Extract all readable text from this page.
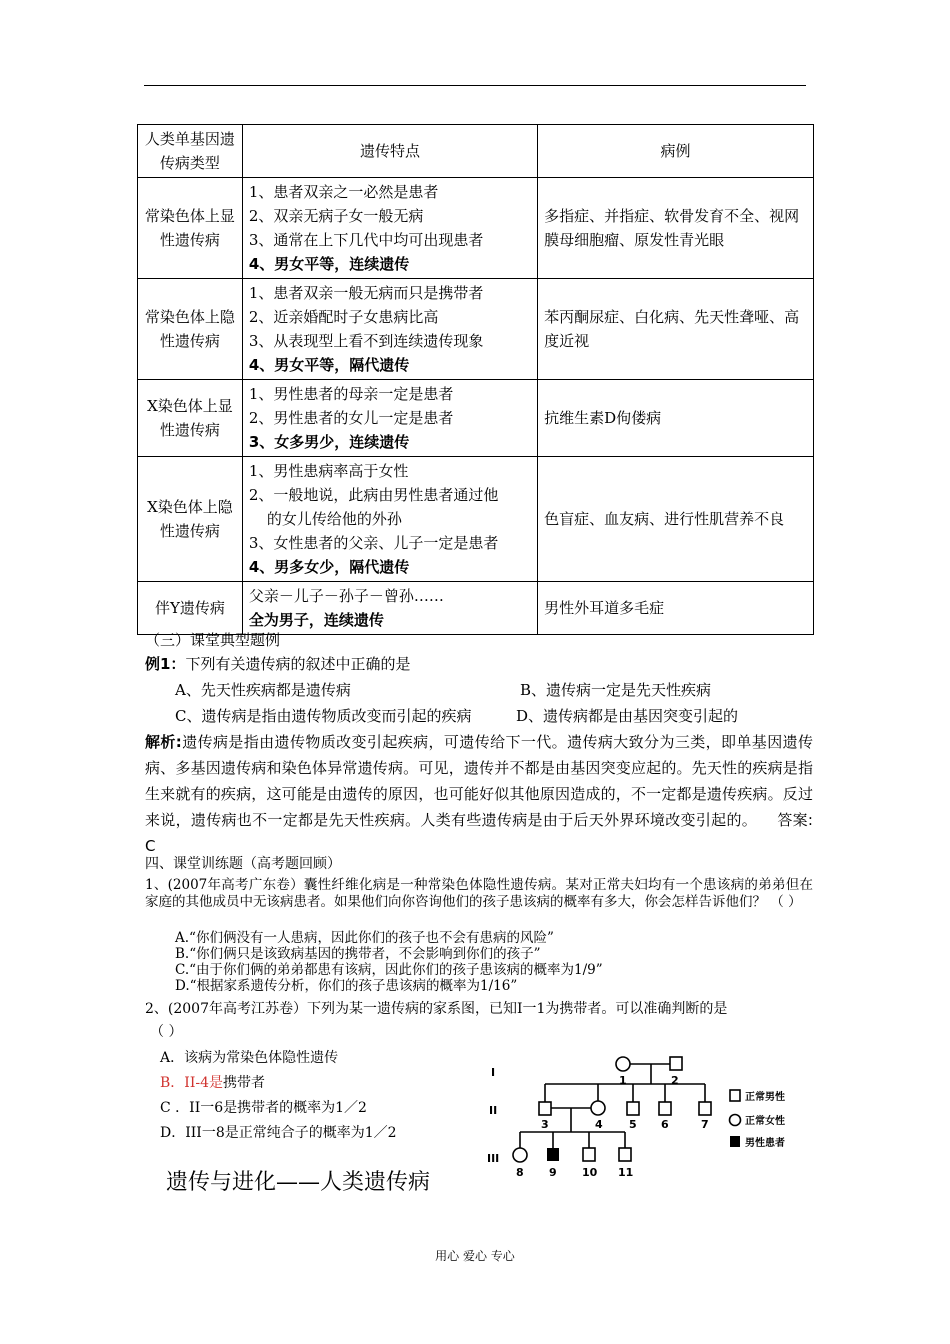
人类单基因遗传病类型	遗传特点	病例
常染色体上显性遗传病	1、患者双亲之一必然是患者
2、双亲无病子女一般无病
3、通常在上下几代中均可出现患者
4、男女平等，连续遗传	多指症、并指症、软骨发育不全、视网膜母细胞瘤、原发性青光眼
常染色体上隐性遗传病	1、患者双亲一般无病而只是携带者
2、近亲婚配时子女患病比高
3、从表现型上看不到连续遗传现象
4、男女平等，隔代遗传	苯丙酮尿症、白化病、先天性聋哑、高度近视
X染色体上显性遗传病	1、男性患者的母亲一定是患者
2、男性患者的女儿一定是患者
3、女多男少，连续遗传	抗维生素D佝偻病
X染色体上隐性遗传病	1、男性患病率高于女性
2、一般地说，此病由男性患者通过他
的女儿传给他的外孙
3、女性患者的父亲、儿子一定是患者
4、男多女少，隔代遗传	色盲症、血友病、进行性肌营养不良
伴Y遗传病	父亲－儿子－孙子－曾孙……
全为男子，连续遗传	男性外耳道多毛症
（三）课堂典型题例
例1：下列有关遗传病的叙述中正确的是
A、先天性疾病都是遗传病	B、遗传病一定是先天性疾病
C、遗传病是指由遗传物质改变而引起的疾病	D、遗传病都是由基因突变引起的
解析:遗传病是指由遗传物质改变引起疾病，可遗传给下一代。遗传病大致分为三类，即单基因遗传病、多基因遗传病和染色体异常遗传病。可见，遗传并不都是由基因突变应起的。先天性的疾病是指生来就有的疾病，这可能是由遗传的原因，也可能好似其他原因造成的，不一定都是遗传疾病。反过来说，遗传病也不一定都是先天性疾病。人类有些遗传病是由于后天外界环境改变引起的。 答案: C
四、课堂训练题（高考题回顾）
1、(2007年高考广东卷）囊性纤维化病是一种常染色体隐性遗传病。某对正常夫妇均有一个患该病的弟弟但在家庭的其他成员中无该病患者。如果他们向你咨询他们的孩子患该病的概率有多大，你会怎样告诉他们？ （ ）
A.“你们俩没有一人患病，因此你们的孩子也不会有患病的风险”
B.“你们俩只是该致病基因的携带者，不会影响到你们的孩子”
C.“由于你们俩的弟弟都患有该病，因此你们的孩子患该病的概率为1/9”
D.“根据家系遗传分析，你们的孩子患该病的概率为1/16”
2、(2007年高考江苏卷）下列为某一遗传病的家系图，已知I一1为携带者。可以准确判断的是
（ ）
A．该病为常染色体隐性遗传
B．II-4是携带者
C ．II一6是携带者的概率为1／2
D．III一8是正常纯合子的概率为1／2
I
II
III
1	2
3	4 5 6	7
8 9 10 11
正常男性
正常女性
男性患者
遗传与进化——人类遗传病
用心 爱心 专心
